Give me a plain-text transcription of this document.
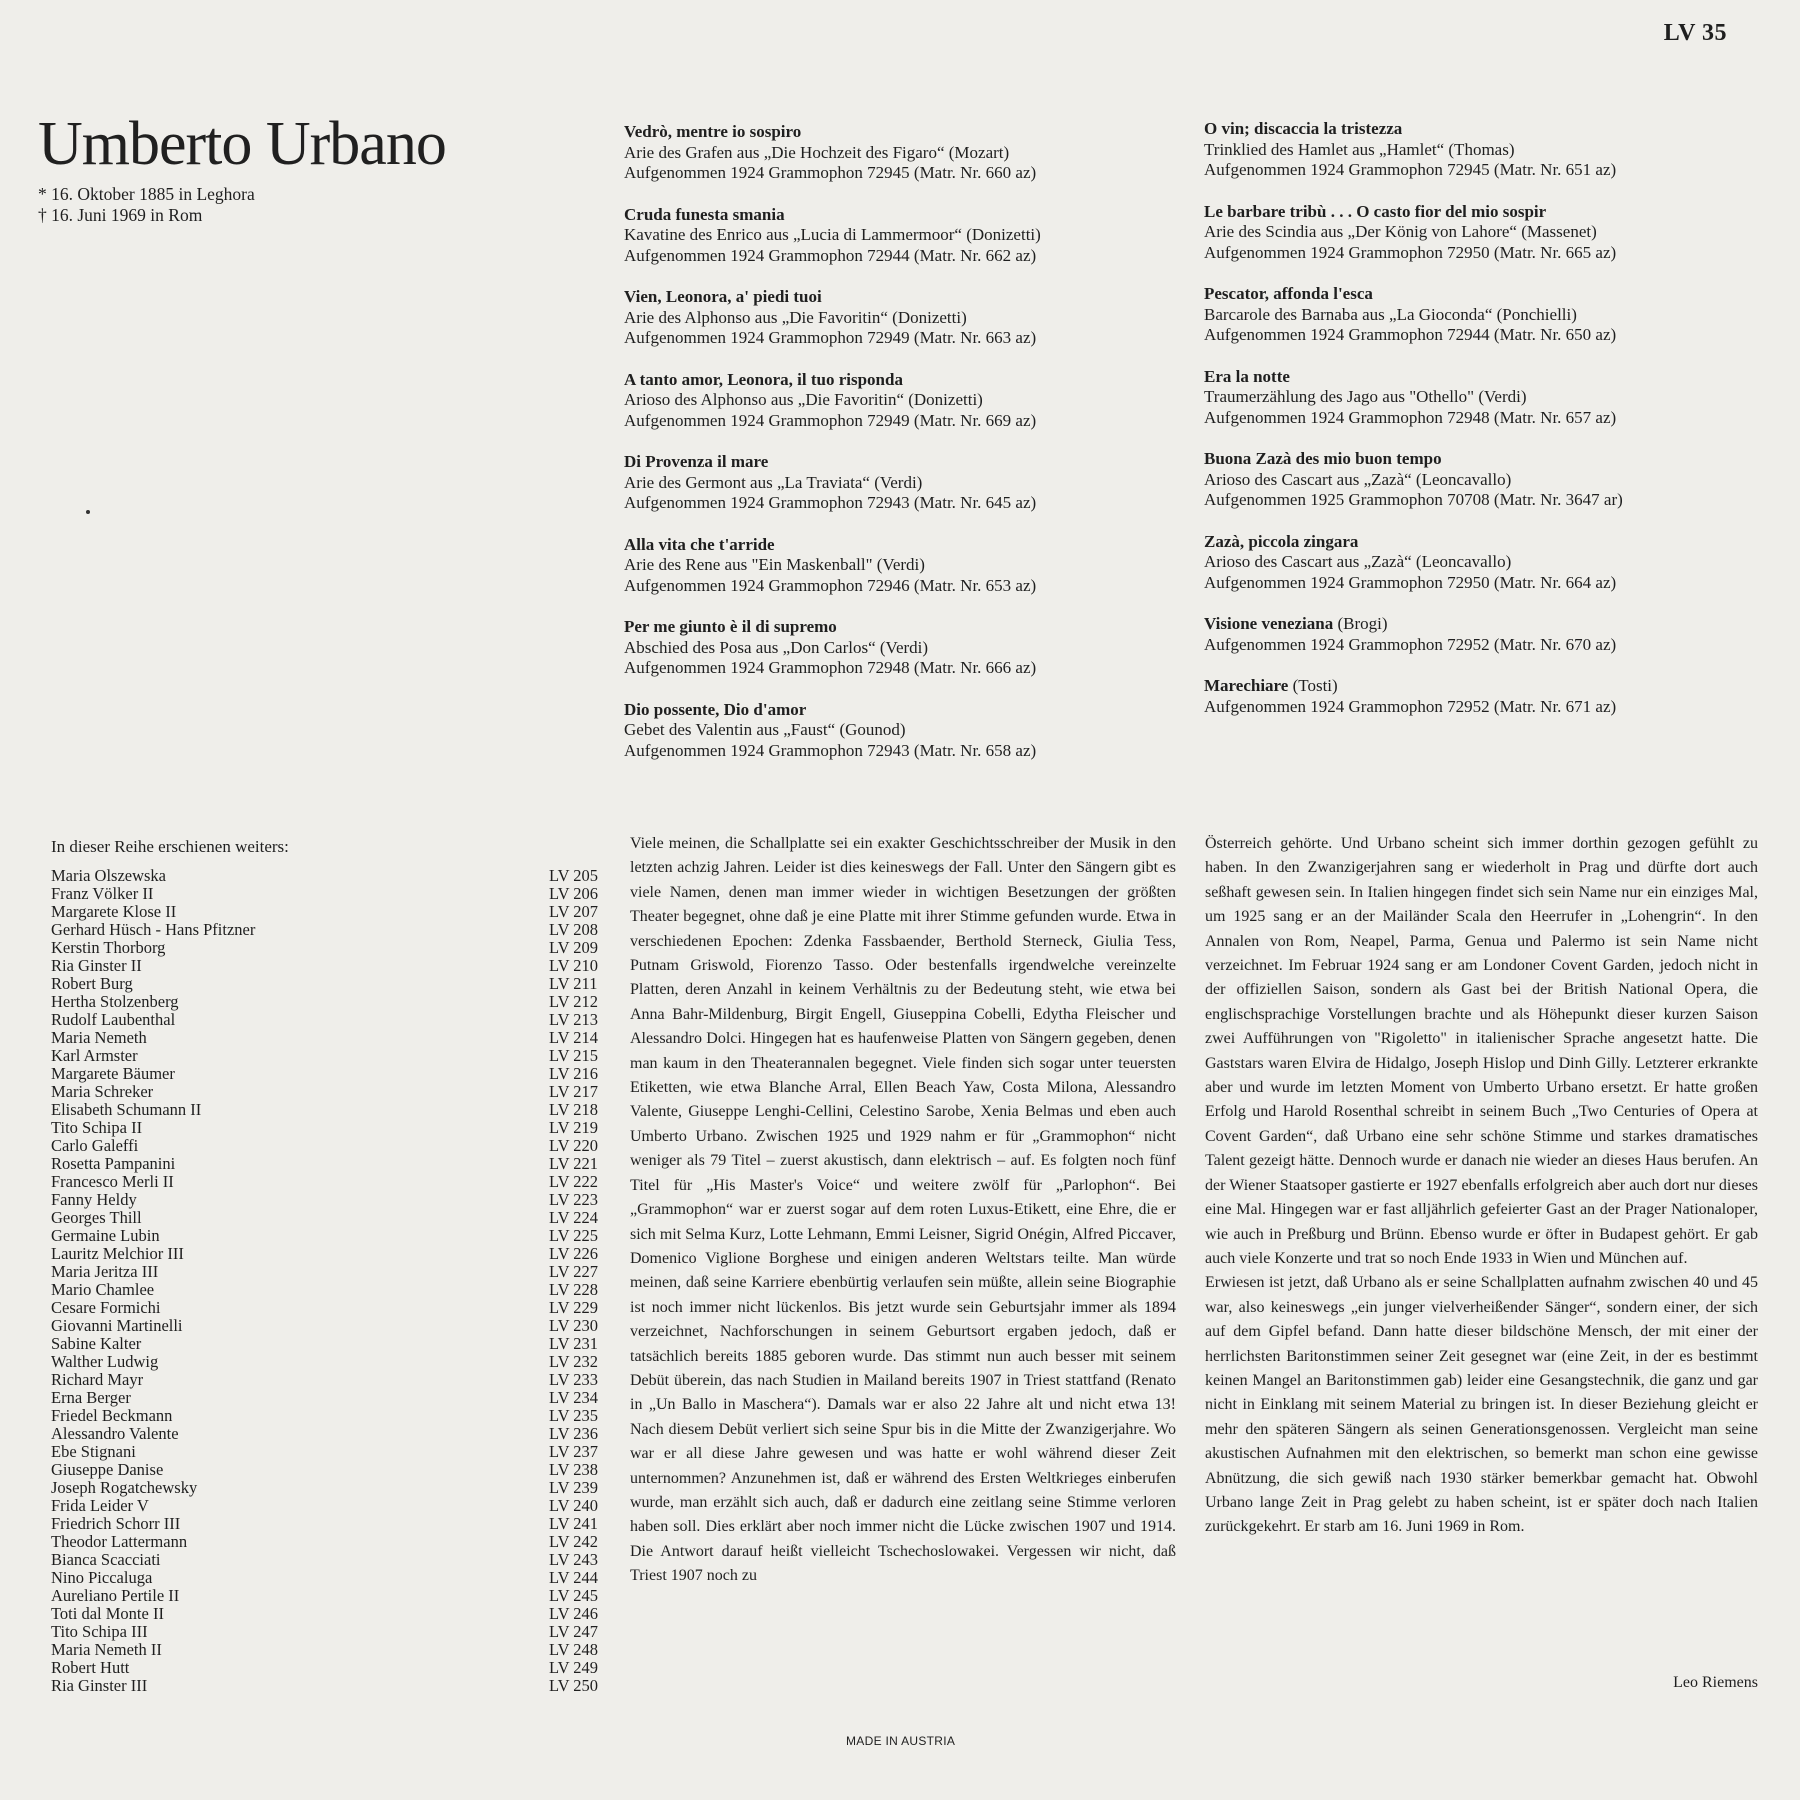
LV 35
Umberto Urbano
* 16. Oktober 1885 in Leghora
† 16. Juni 1969 in Rom
Vedrò, mentre io sospiro
Arie des Grafen aus „Die Hochzeit des Figaro“ (Mozart)
Aufgenommen 1924 Grammophon 72945 (Matr. Nr. 660 az)
Cruda funesta smania
Kavatine des Enrico aus „Lucia di Lammermoor“ (Donizetti)
Aufgenommen 1924 Grammophon 72944 (Matr. Nr. 662 az)
Vien, Leonora, a' piedi tuoi
Arie des Alphonso aus „Die Favoritin“ (Donizetti)
Aufgenommen 1924 Grammophon 72949 (Matr. Nr. 663 az)
A tanto amor, Leonora, il tuo risponda
Arioso des Alphonso aus „Die Favoritin“ (Donizetti)
Aufgenommen 1924 Grammophon 72949 (Matr. Nr. 669 az)
Di Provenza il mare
Arie des Germont aus „La Traviata“ (Verdi)
Aufgenommen 1924 Grammophon 72943 (Matr. Nr. 645 az)
Alla vita che t'arride
Arie des Rene aus "Ein Maskenball" (Verdi)
Aufgenommen 1924 Grammophon 72946 (Matr. Nr. 653 az)
Per me giunto è il di supremo
Abschied des Posa aus „Don Carlos“ (Verdi)
Aufgenommen 1924 Grammophon 72948 (Matr. Nr. 666 az)
Dio possente, Dio d'amor
Gebet des Valentin aus „Faust“ (Gounod)
Aufgenommen 1924 Grammophon 72943 (Matr. Nr. 658 az)
O vin; discaccia la tristezza
Trinklied des Hamlet aus „Hamlet“ (Thomas)
Aufgenommen 1924 Grammophon 72945 (Matr. Nr. 651 az)
Le barbare tribù . . . O casto fior del mio sospir
Arie des Scindia aus „Der König von Lahore“ (Massenet)
Aufgenommen 1924 Grammophon 72950 (Matr. Nr. 665 az)
Pescator, affonda l'esca
Barcarole des Barnaba aus „La Gioconda“ (Ponchielli)
Aufgenommen 1924 Grammophon 72944 (Matr. Nr. 650 az)
Era la notte
Traumerzählung des Jago aus "Othello" (Verdi)
Aufgenommen 1924 Grammophon 72948 (Matr. Nr. 657 az)
Buona Zazà des mio buon tempo
Arioso des Cascart aus „Zazà“ (Leoncavallo)
Aufgenommen 1925 Grammophon 70708 (Matr. Nr. 3647 ar)
Zazà, piccola zingara
Arioso des Cascart aus „Zazà“ (Leoncavallo)
Aufgenommen 1924 Grammophon 72950 (Matr. Nr. 664 az)
Visione veneziana (Brogi)
Aufgenommen 1924 Grammophon 72952 (Matr. Nr. 670 az)
Marechiare (Tosti)
Aufgenommen 1924 Grammophon 72952 (Matr. Nr. 671 az)
In dieser Reihe erschienen weiters:
Maria Olszewska	LV 205
Franz Völker II	LV 206
Margarete Klose II	LV 207
Gerhard Hüsch - Hans Pfitzner	LV 208
Kerstin Thorborg	LV 209
Ria Ginster II	LV 210
Robert Burg	LV 211
Hertha Stolzenberg	LV 212
Rudolf Laubenthal	LV 213
Maria Nemeth	LV 214
Karl Armster	LV 215
Margarete Bäumer	LV 216
Maria Schreker	LV 217
Elisabeth Schumann II	LV 218
Tito Schipa II	LV 219
Carlo Galeffi	LV 220
Rosetta Pampanini	LV 221
Francesco Merli II	LV 222
Fanny Heldy	LV 223
Georges Thill	LV 224
Germaine Lubin	LV 225
Lauritz Melchior III	LV 226
Maria Jeritza III	LV 227
Mario Chamlee	LV 228
Cesare Formichi	LV 229
Giovanni Martinelli	LV 230
Sabine Kalter	LV 231
Walther Ludwig	LV 232
Richard Mayr	LV 233
Erna Berger	LV 234
Friedel Beckmann	LV 235
Alessandro Valente	LV 236
Ebe Stignani	LV 237
Giuseppe Danise	LV 238
Joseph Rogatchewsky	LV 239
Frida Leider V	LV 240
Friedrich Schorr III	LV 241
Theodor Lattermann	LV 242
Bianca Scacciati	LV 243
Nino Piccaluga	LV 244
Aureliano Pertile II	LV 245
Toti dal Monte II	LV 246
Tito Schipa III	LV 247
Maria Nemeth II	LV 248
Robert Hutt	LV 249
Ria Ginster III	LV 250
Viele meinen, die Schallplatte sei ein exakter Geschichtsschreiber der Musik in den letzten achzig Jahren. Leider ist dies keineswegs der Fall. Unter den Sängern gibt es viele Namen, denen man immer wieder in wichtigen Besetzungen der größten Theater begegnet, ohne daß je eine Platte mit ihrer Stimme gefunden wurde. Etwa in verschiedenen Epochen: Zdenka Fassbaender, Berthold Sterneck, Giulia Tess, Putnam Griswold, Fiorenzo Tasso. Oder bestenfalls irgendwelche vereinzelte Platten, deren Anzahl in keinem Verhältnis zu der Bedeutung steht, wie etwa bei Anna Bahr-Mildenburg, Birgit Engell, Giuseppina Cobelli, Edytha Fleischer und Alessandro Dolci. Hingegen hat es haufenweise Platten von Sängern gegeben, denen man kaum in den Theaterannalen begegnet. Viele finden sich sogar unter teuersten Etiketten, wie etwa Blanche Arral, Ellen Beach Yaw, Costa Milona, Alessandro Valente, Giuseppe Lenghi-Cellini, Celestino Sarobe, Xenia Belmas und eben auch Umberto Urbano. Zwischen 1925 und 1929 nahm er für „Grammophon“ nicht weniger als 79 Titel – zuerst akustisch, dann elektrisch – auf. Es folgten noch fünf Titel für „His Master's Voice“ und weitere zwölf für „Parlophon“. Bei „Grammophon“ war er zuerst sogar auf dem roten Luxus-Etikett, eine Ehre, die er sich mit Selma Kurz, Lotte Lehmann, Emmi Leisner, Sigrid Onégin, Alfred Piccaver, Domenico Viglione Borghese und einigen anderen Weltstars teilte. Man würde meinen, daß seine Karriere ebenbürtig verlaufen sein müßte, allein seine Biographie ist noch immer nicht lückenlos. Bis jetzt wurde sein Geburtsjahr immer als 1894 verzeichnet, Nachforschungen in seinem Geburtsort ergaben jedoch, daß er tatsächlich bereits 1885 geboren wurde. Das stimmt nun auch besser mit seinem Debüt überein, das nach Studien in Mailand bereits 1907 in Triest stattfand (Renato in „Un Ballo in Maschera“). Damals war er also 22 Jahre alt und nicht etwa 13! Nach diesem Debüt verliert sich seine Spur bis in die Mitte der Zwanzigerjahre. Wo war er all diese Jahre gewesen und was hatte er wohl während dieser Zeit unternommen? Anzunehmen ist, daß er während des Ersten Weltkrieges einberufen wurde, man erzählt sich auch, daß er dadurch eine zeitlang seine Stimme verloren haben soll. Dies erklärt aber noch immer nicht die Lücke zwischen 1907 und 1914. Die Antwort darauf heißt vielleicht Tschechoslowakei. Vergessen wir nicht, daß Triest 1907 noch zu
Österreich gehörte. Und Urbano scheint sich immer dorthin gezogen gefühlt zu haben. In den Zwanzigerjahren sang er wiederholt in Prag und dürfte dort auch seßhaft gewesen sein. In Italien hingegen findet sich sein Name nur ein einziges Mal, um 1925 sang er an der Mailänder Scala den Heerrufer in „Lohengrin“. In den Annalen von Rom, Neapel, Parma, Genua und Palermo ist sein Name nicht verzeichnet. Im Februar 1924 sang er am Londoner Covent Garden, jedoch nicht in der offiziellen Saison, sondern als Gast bei der British National Opera, die englischsprachige Vorstellungen brachte und als Höhepunkt dieser kurzen Saison zwei Aufführungen von "Rigoletto" in italienischer Sprache angesetzt hatte. Die Gaststars waren Elvira de Hidalgo, Joseph Hislop und Dinh Gilly. Letzterer erkrankte aber und wurde im letzten Moment von Umberto Urbano ersetzt. Er hatte großen Erfolg und Harold Rosenthal schreibt in seinem Buch „Two Centuries of Opera at Covent Garden“, daß Urbano eine sehr schöne Stimme und starkes dramatisches Talent gezeigt hätte. Dennoch wurde er danach nie wieder an dieses Haus berufen. An der Wiener Staatsoper gastierte er 1927 ebenfalls erfolgreich aber auch dort nur dieses eine Mal. Hingegen war er fast alljährlich gefeierter Gast an der Prager Nationaloper, wie auch in Preßburg und Brünn. Ebenso wurde er öfter in Budapest gehört. Er gab auch viele Konzerte und trat so noch Ende 1933 in Wien und München auf.
Erwiesen ist jetzt, daß Urbano als er seine Schallplatten aufnahm zwischen 40 und 45 war, also keineswegs „ein junger vielverheißender Sänger“, sondern einer, der sich auf dem Gipfel befand. Dann hatte dieser bildschöne Mensch, der mit einer der herrlichsten Baritonstimmen seiner Zeit gesegnet war (eine Zeit, in der es bestimmt keinen Mangel an Baritonstimmen gab) leider eine Gesangstechnik, die ganz und gar nicht in Einklang mit seinem Material zu bringen ist. In dieser Beziehung gleicht er mehr den späteren Sängern als seinen Generationsgenossen. Vergleicht man seine akustischen Aufnahmen mit den elektrischen, so bemerkt man schon eine gewisse Abnützung, die sich gewiß nach 1930 stärker bemerkbar gemacht hat. Obwohl Urbano lange Zeit in Prag gelebt zu haben scheint, ist er später doch nach Italien zurückgekehrt. Er starb am 16. Juni 1969 in Rom.
Leo Riemens
MADE IN AUSTRIA
